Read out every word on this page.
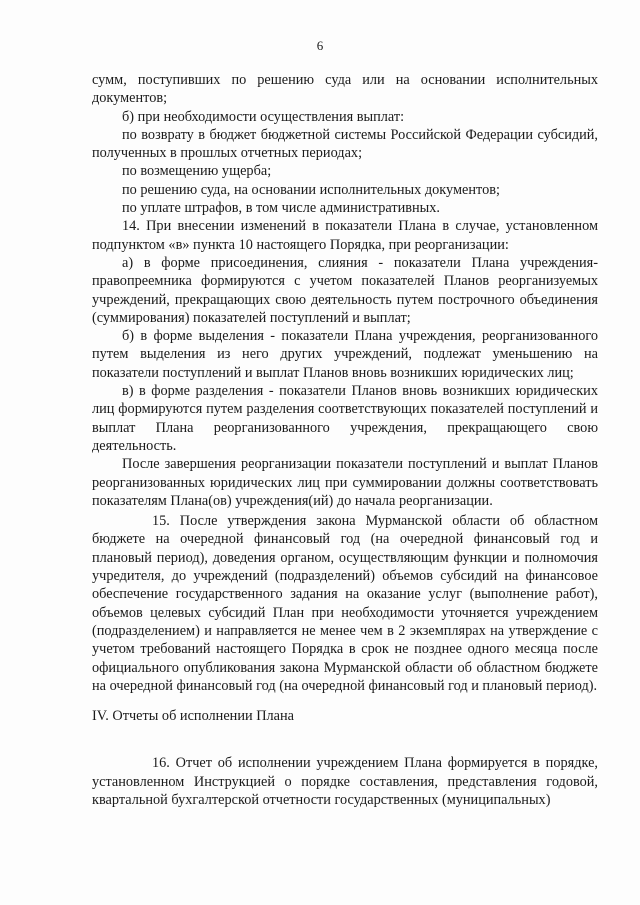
6

сумм, поступивших по решению суда или на основании исполнительных документов;

б) при необходимости осуществления выплат:

по возврату в бюджет бюджетной системы Российской Федерации субсидий, полученных в прошлых отчетных периодах;

по возмещению ущерба;

по решению суда, на основании исполнительных документов;

по уплате штрафов, в том числе административных.

14. При внесении изменений в показатели Плана в случае, установленном подпунктом «в» пункта 10 настоящего Порядка, при реорганизации:

а) в форме присоединения, слияния - показатели Плана учреждения-правопреемника формируются с учетом показателей Планов реорганизуемых учреждений, прекращающих свою деятельность путем построчного объединения (суммирования) показателей поступлений и выплат;

б) в форме выделения - показатели Плана учреждения, реорганизованного путем выделения из него других учреждений, подлежат уменьшению на показатели поступлений и выплат Планов вновь возникших юридических лиц;

в) в форме разделения - показатели Планов вновь возникших юридических лиц формируются путем разделения соответствующих показателей поступлений и выплат Плана реорганизованного учреждения, прекращающего свою деятельность.

После завершения реорганизации показатели поступлений и выплат Планов реорганизованных юридических лиц при суммировании должны соответствовать показателям Плана(ов) учреждения(ий) до начала реорганизации.

15. После утверждения закона Мурманской области об областном бюджете на очередной финансовый год (на очередной финансовый год и плановый период), доведения органом, осуществляющим функции и полномочия учредителя, до учреждений (подразделений) объемов субсидий на финансовое обеспечение государственного задания на оказание услуг (выполнение работ), объемов целевых субсидий План при необходимости уточняется учреждением (подразделением) и направляется не менее чем в 2 экземплярах на утверждение с учетом требований настоящего Порядка в срок не позднее одного месяца после официального опубликования закона Мурманской области об областном бюджете на очередной финансовый год (на очередной финансовый год и плановый период).

IV. Отчеты об исполнении Плана

16. Отчет об исполнении учреждением Плана формируется в порядке, установленном Инструкцией о порядке составления, представления годовой, квартальной бухгалтерской отчетности государственных (муниципальных)
